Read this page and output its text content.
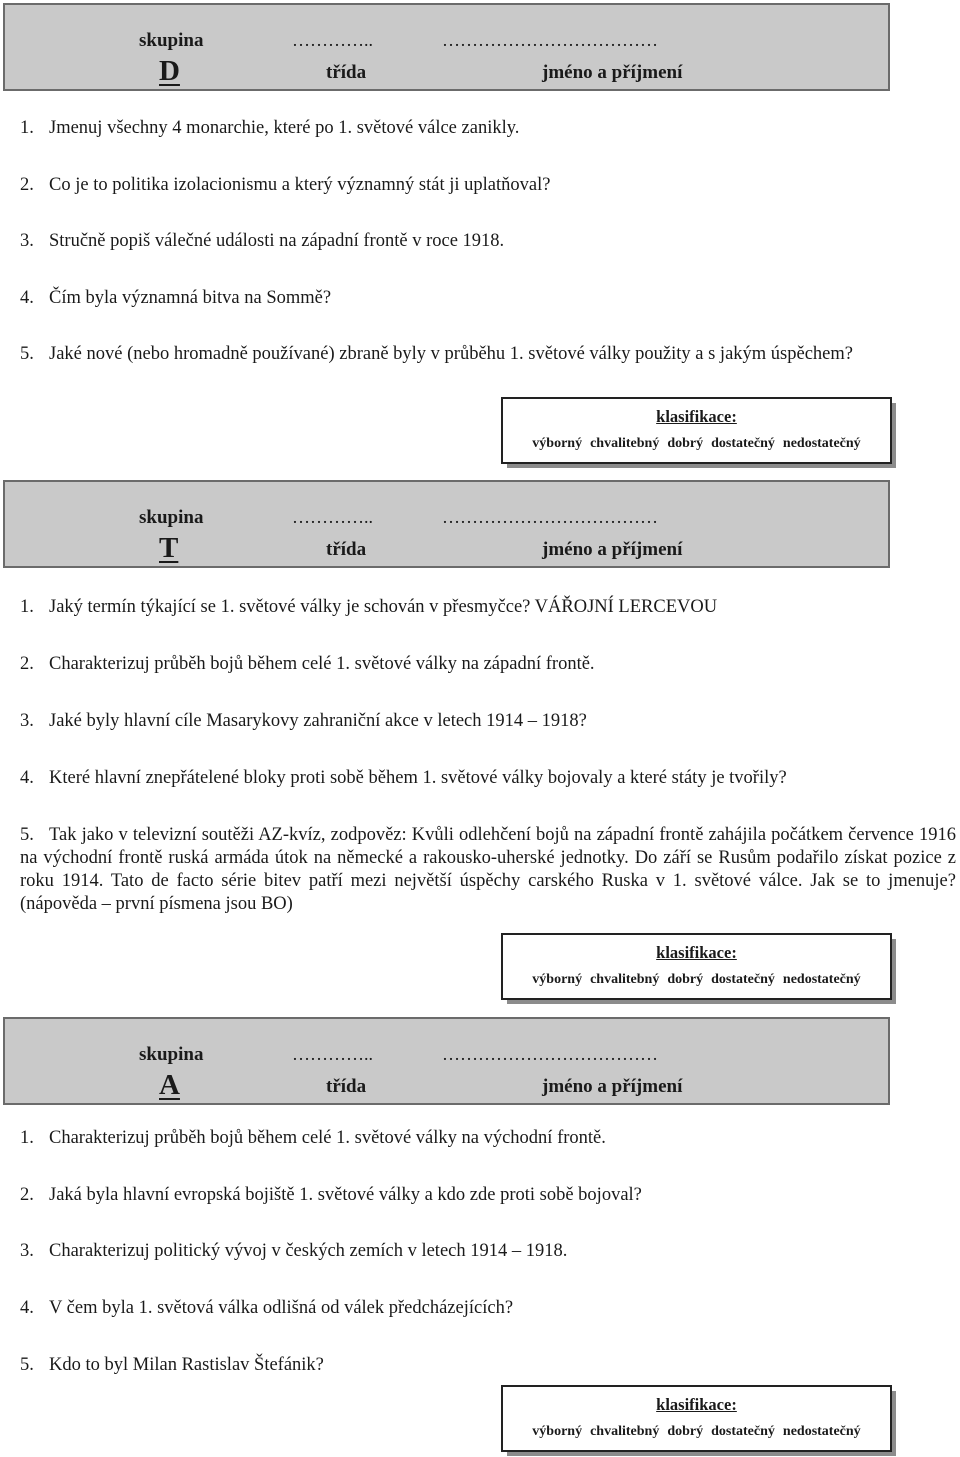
skupina	…………..	………………………………
D	třída	jméno a příjmení
1. Jmenuj všechny 4 monarchie, které po 1. světové válce zanikly.
2. Co je to politika izolacionismu a který významný stát ji uplatňoval?
3. Stručně popiš válečné události na západní frontě v roce 1918.
4. Čím byla významná bitva na Sommě?
5. Jaké nové (nebo hromadně používané) zbraně byly v průběhu 1. světové války použity a s jakým úspěchem?
klasifikace:
výborný chvalitebný dobrý dostatečný nedostatečný
skupina	…………..	………………………………
T	třída	jméno a příjmení
1. Jaký termín týkající se 1. světové války je schován v přesmyčce? VÁŘOJNÍ LERCEVOU
2. Charakterizuj průběh bojů během celé 1. světové války na západní frontě.
3. Jaké byly hlavní cíle Masarykovy zahraniční akce v letech 1914 – 1918?
4. Které hlavní znepřátelené bloky proti sobě během 1. světové války bojovaly a které státy je tvořily?
5. Tak jako v televizní soutěži AZ-kvíz, zodpověz: Kvůli odlehčení bojů na západní frontě zahájila počátkem července 1916 na východní frontě ruská armáda útok na německé a rakousko-uherské jednotky. Do září se Rusům podařilo získat pozice z roku 1914. Tato de facto série bitev patří mezi největší úspěchy carského Ruska v 1. světové válce. Jak se to jmenuje? (nápověda – první písmena jsou BO)
klasifikace:
výborný chvalitebný dobrý dostatečný nedostatečný
skupina	…………..	………………………………
A	třída	jméno a příjmení
1. Charakterizuj průběh bojů během celé 1. světové války na východní frontě.
2. Jaká byla hlavní evropská bojiště 1. světové války a kdo zde proti sobě bojoval?
3. Charakterizuj politický vývoj v českých zemích v letech 1914 – 1918.
4. V čem byla 1. světová válka odlišná od válek předcházejících?
5. Kdo to byl Milan Rastislav Štefánik?
klasifikace:
výborný chvalitebný dobrý dostatečný nedostatečný
